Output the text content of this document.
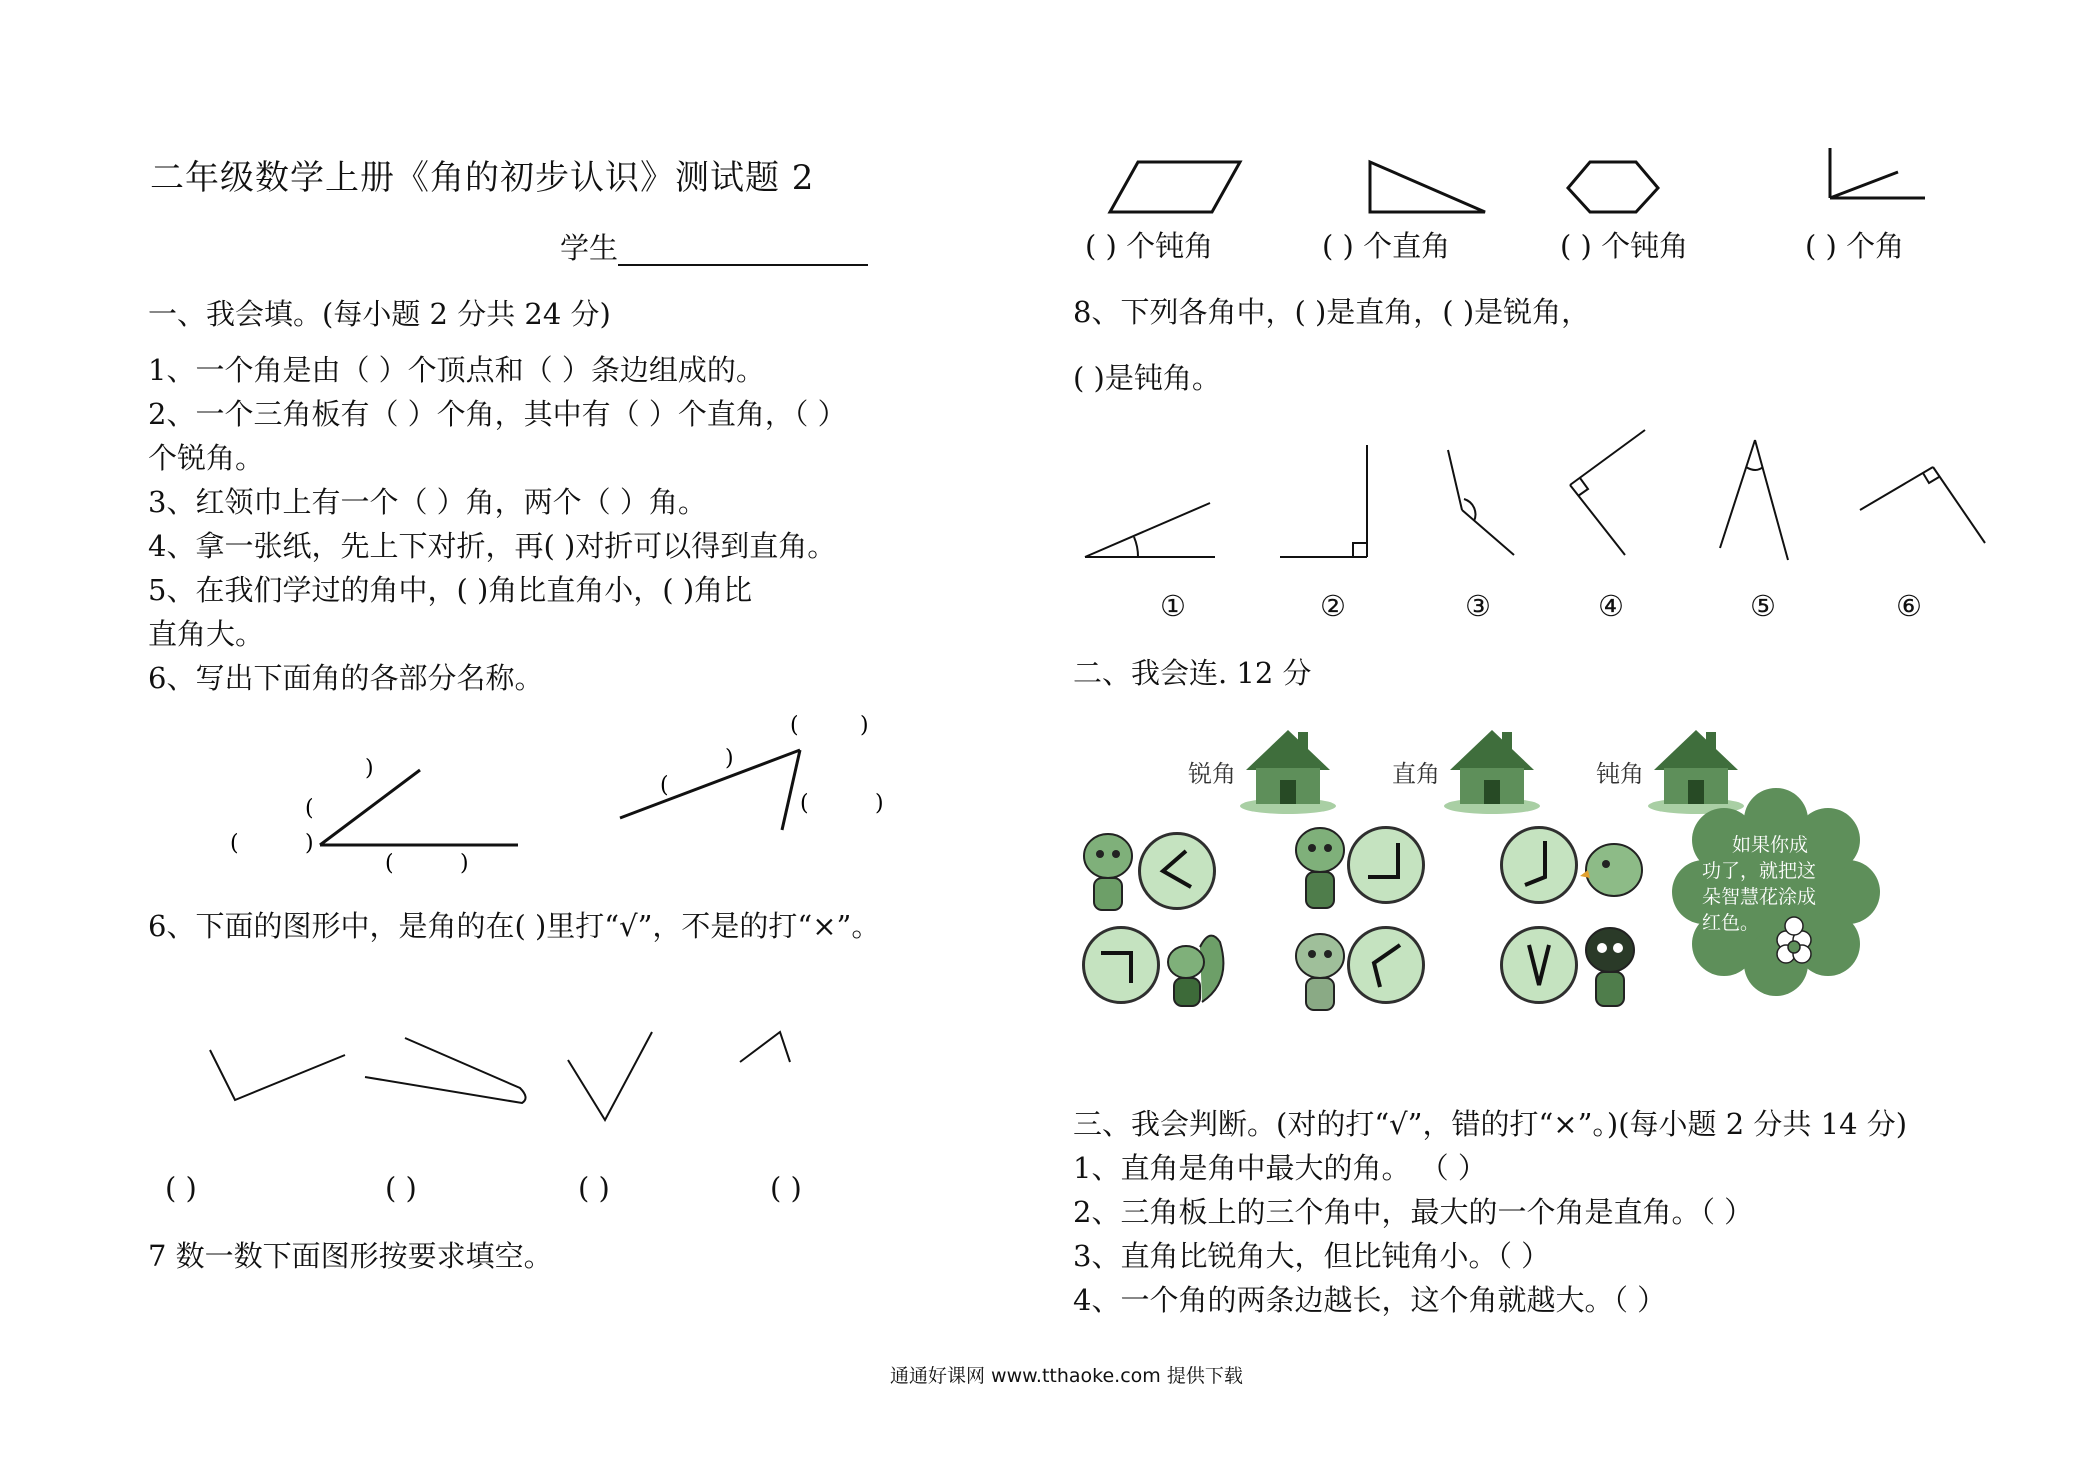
二年级数学上册《角的初步认识》测试题 2
学生
一、我会填。(每小题 2 分共 24 分)
1、一个角是由（ ）个顶点和（ ）条边组成的。
2、一个三角板有（ ）个角，其中有（ ）个直角，（ ）
个锐角。
3、红领巾上有一个（ ）角，两个（ ）角。
4、拿一张纸，先上下对折，再( )对折可以得到直角。
5、在我们学过的角中，( )角比直角小，( )角比
直角大。
6、写出下面角的各部分名称。
)
(
(	)
(	)
(	)
)
(
(	)
6、下面的图形中，是角的在( )里打“√”，不是的打“×”。
( )	( )	( )	( )
7 数一数下面图形按要求填空。
( ) 个钝角	( ) 个直角	( ) 个钝角	( ) 个角
8、下列各角中，( )是直角，( )是锐角，
( )是钝角。
①	②	③	④	⑤	⑥
二、我会连. 12 分
锐角	直角	钝角
如果你成
功了，就把这
朵智慧花涂成
红色。
三、我会判断。(对的打“√”，错的打“×”。)(每小题 2 分共 14 分)
1、直角是角中最大的角。 （ ）
2、三角板上的三个角中，最大的一个角是直角。（ ）
3、直角比锐角大，但比钝角小。（ ）
4、一个角的两条边越长，这个角就越大。（ ）
通通好课网 www.tthaoke.com 提供下载
